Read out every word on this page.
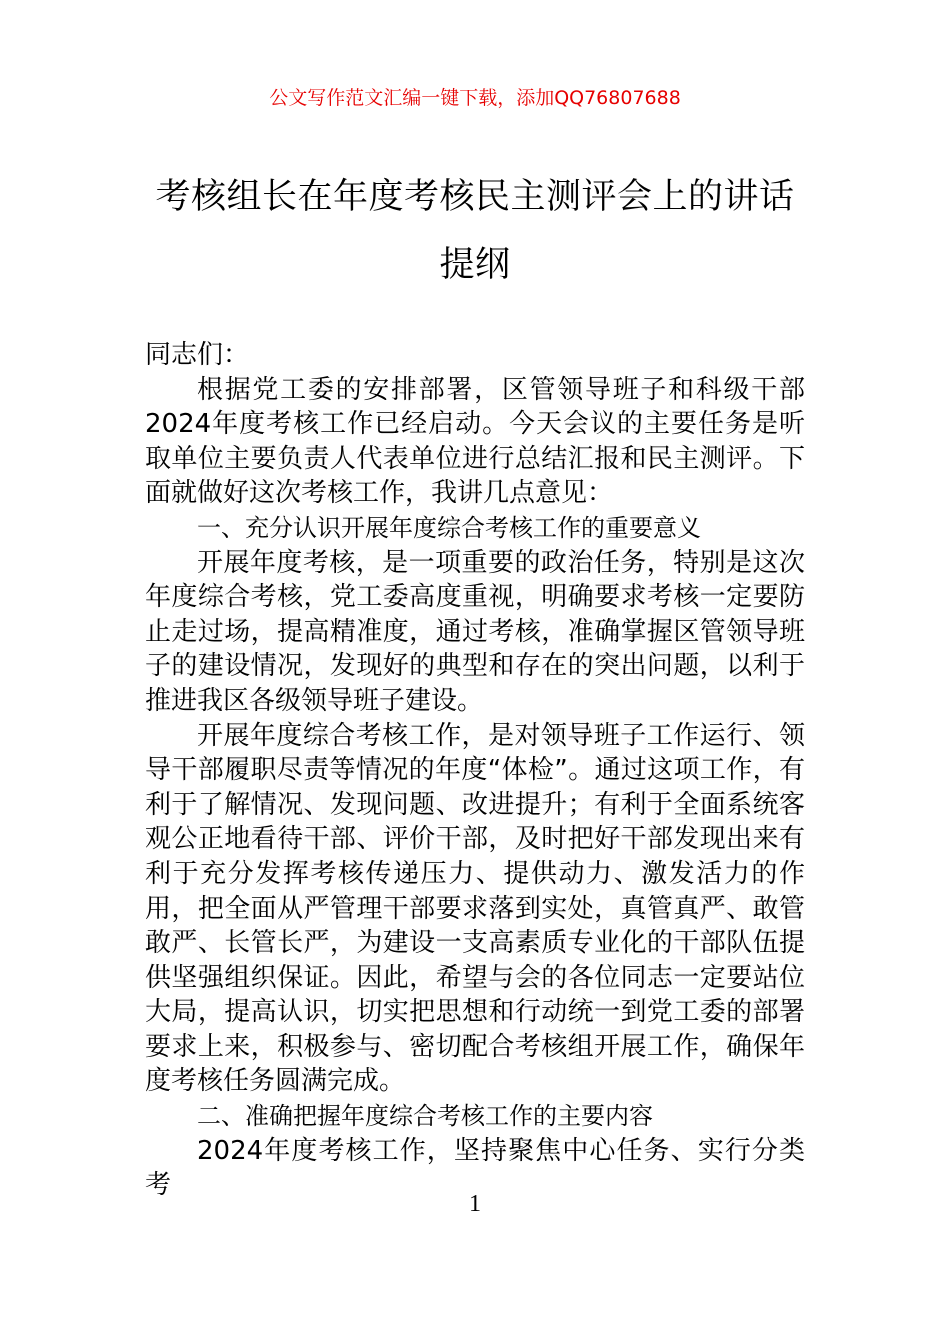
公文写作范文汇编一键下载，添加QQ76807688
考核组长在年度考核民主测评会上的讲话
提纲

同志们：

根据党工委的安排部署，区管领导班子和科级干部2024年度考核工作已经启动。今天会议的主要任务是听取单位主要负责人代表单位进行总结汇报和民主测评。下面就做好这次考核工作，我讲几点意见：

一、充分认识开展年度综合考核工作的重要意义

开展年度考核，是一项重要的政治任务，特别是这次年度综合考核，党工委高度重视，明确要求考核一定要防止走过场，提高精准度，通过考核，准确掌握区管领导班子的建设情况，发现好的典型和存在的突出问题，以利于推进我区各级领导班子建设。

开展年度综合考核工作，是对领导班子工作运行、领导干部履职尽责等情况的年度“体检”。通过这项工作，有利于了解情况、发现问题、改进提升；有利于全面系统客观公正地看待干部、评价干部，及时把好干部发现出来有利于充分发挥考核传递压力、提供动力、激发活力的作用，把全面从严管理干部要求落到实处，真管真严、敢管敢严、长管长严，为建设一支高素质专业化的干部队伍提供坚强组织保证。因此，希望与会的各位同志一定要站位大局，提高认识，切实把思想和行动统一到党工委的部署要求上来，积极参与、密切配合考核组开展工作，确保年度考核任务圆满完成。

二、准确把握年度综合考核工作的主要内容

2024年度考核工作，坚持聚焦中心任务、实行分类考

1
